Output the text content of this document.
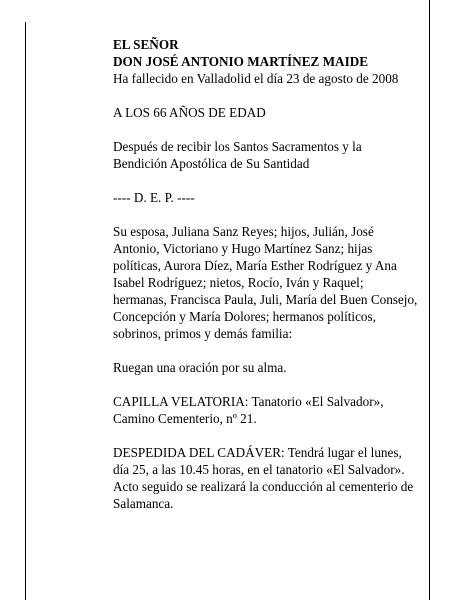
EL SEÑOR

DON JOSÉ ANTONIO MARTÍNEZ MAIDE

Ha fallecido en Valladolid el día 23 de agosto de 2008

A LOS 66 AÑOS DE EDAD

Después de recibir los Santos Sacramentos y la Bendición Apostólica de Su Santidad

---- D. E. P. ----

Su esposa, Juliana Sanz Reyes; hijos, Julián, José Antonio, Victoriano y Hugo Martínez Sanz; hijas políticas, Aurora Díez, María Esther Rodríguez y Ana Isabel Rodríguez; nietos, Rocío, Iván y Raquel; hermanas, Francisca Paula, Juli, María del Buen Consejo, Concepción y María Dolores; hermanos políticos, sobrinos, primos y demás familia:

Ruegan una oración por su alma.

CAPILLA VELATORIA: Tanatorio «El Salvador», Camino Cementerio, nº 21.

DESPEDIDA DEL CADÁVER: Tendrá lugar el lunes, día 25, a las 10.45 horas, en el tanatorio «El Salvador». Acto seguido se realizará la conducción al cementerio de Salamanca.
